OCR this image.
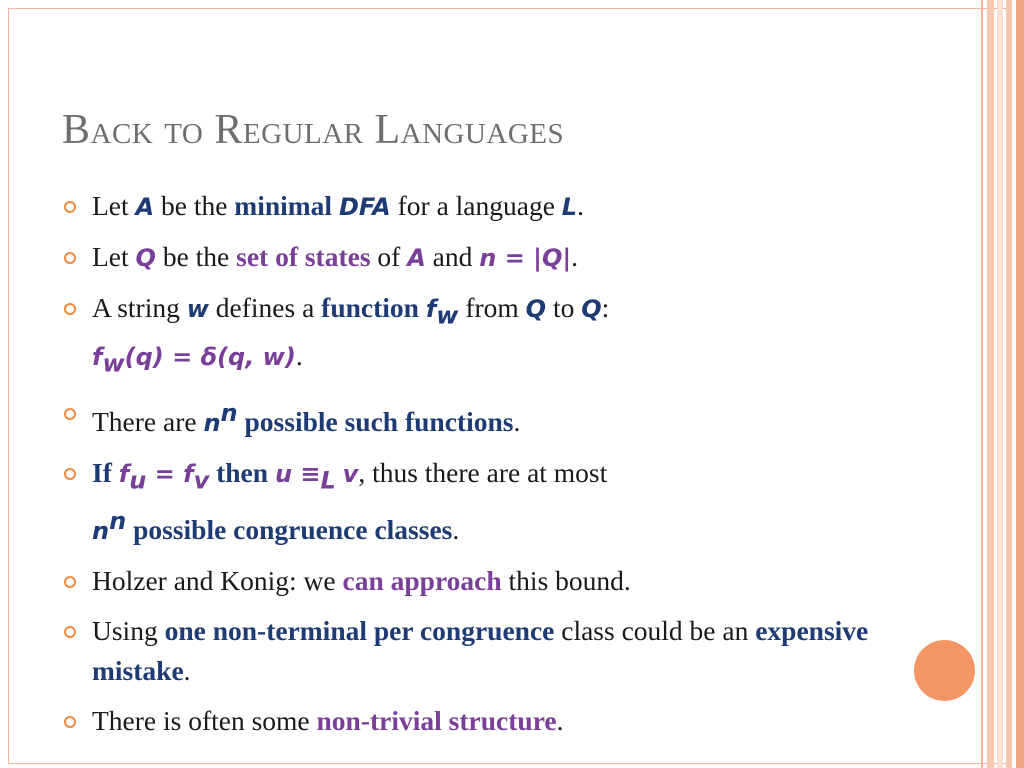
Back to Regular Languages
Let A be the minimal DFA for a language L.
Let Q be the set of states of A and n = |Q|.
A string w defines a function $f_w$ from Q to Q:
$f_w(q) = \delta(q$, w).
There are $n^n$ possible such functions.
If $f_u = f_v$ then $u \equiv_L$ v, thus there are at most
$n^n$ possible congruence classes.
Holzer and Konig: we can approach this bound.
Using one non-terminal per congruence class could be an expensive mistake.
There is often some non-trivial structure.
